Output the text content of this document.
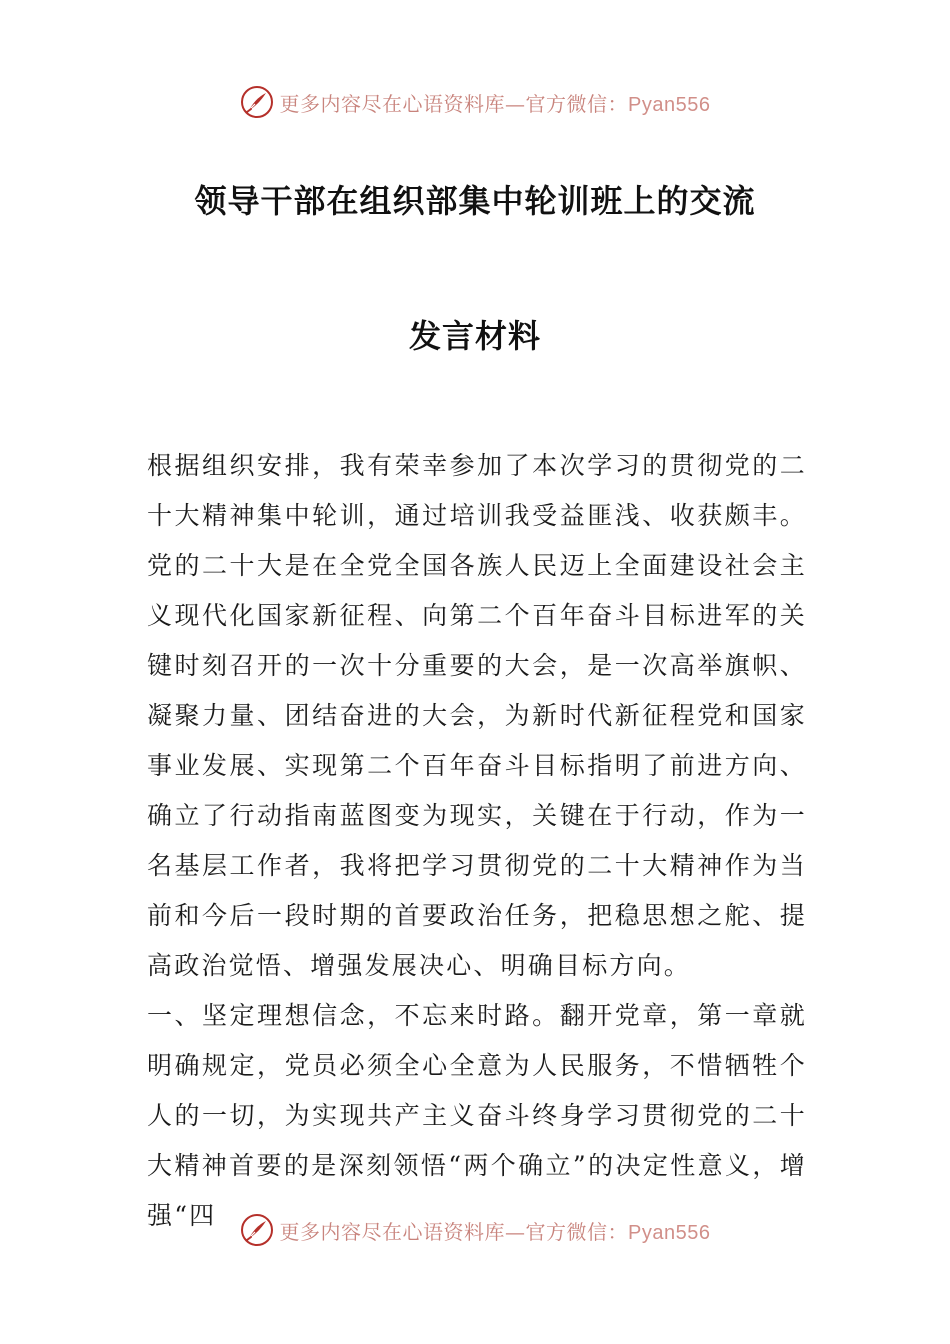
更多内容尽在心语资料库—官方微信：Pyan556
领导干部在组织部集中轮训班上的交流
发言材料

根据组织安排，我有荣幸参加了本次学习的贯彻党的二十大精神集中轮训，通过培训我受益匪浅、收获颇丰。党的二十大是在全党全国各族人民迈上全面建设社会主义现代化国家新征程、向第二个百年奋斗目标进军的关键时刻召开的一次十分重要的大会，是一次高举旗帜、凝聚力量、团结奋进的大会，为新时代新征程党和国家事业发展、实现第二个百年奋斗目标指明了前进方向、确立了行动指南蓝图变为现实，关键在于行动，作为一名基层工作者，我将把学习贯彻党的二十大精神作为当前和今后一段时期的首要政治任务，把稳思想之舵、提高政治觉悟、增强发展决心、明确目标方向。

一、坚定理想信念，不忘来时路。翻开党章，第一章就明确规定，党员必须全心全意为人民服务，不惜牺牲个人的一切，为实现共产主义奋斗终身学习贯彻党的二十大精神首要的是深刻领悟“两个确立”的决定性意义，增强“四

更多内容尽在心语资料库—官方微信：Pyan556
